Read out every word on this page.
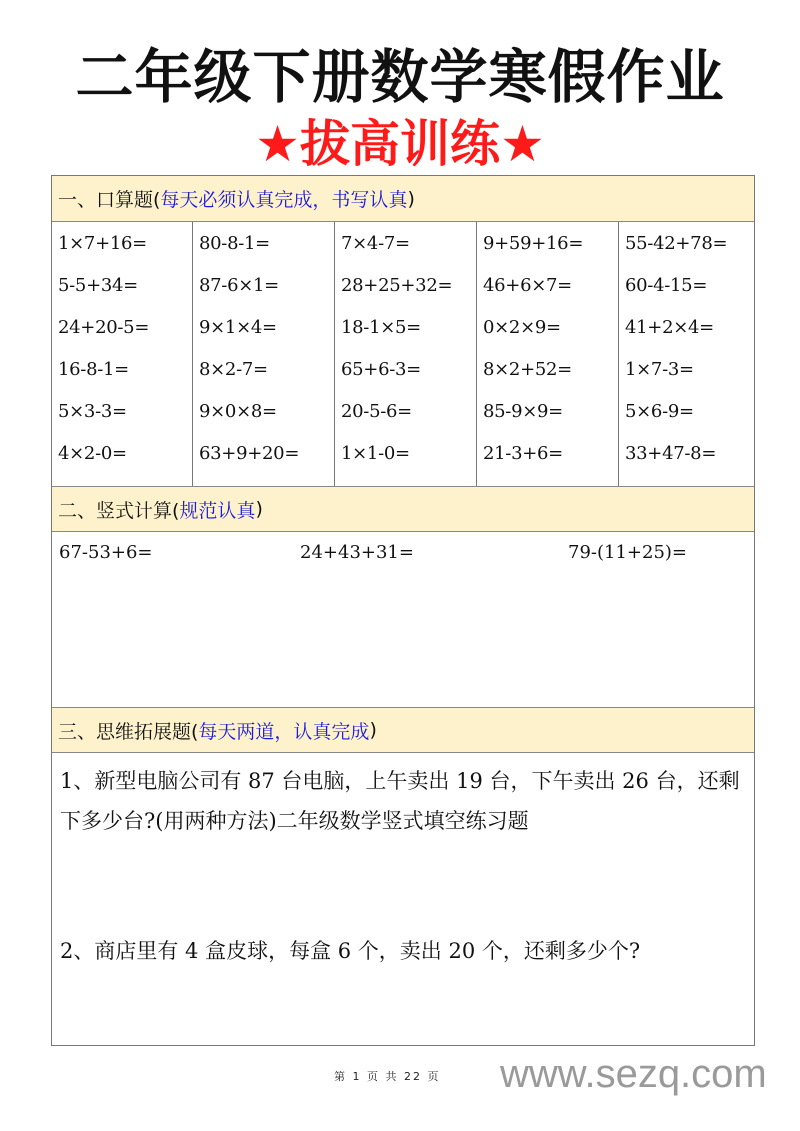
二年级下册数学寒假作业
★拔高训练★
一、口算题( 每天必须认真完成，书写认真 )
1×7+16=
5-5+34=
24+20-5=
16-8-1=
5×3-3=
4×2-0=
80-8-1=
87-6×1=
9×1×4=
8×2-7=
9×0×8=
63+9+20=
7×4-7=
28+25+32=
18-1×5=
65+6-3=
20-5-6=
1×1-0=
9+59+16=
46+6×7=
0×2×9=
8×2+52=
85-9×9=
21-3+6=
55-42+78=
60-4-15=
41+2×4=
1×7-3=
5×6-9=
33+47-8=
二、竖式计算( 规范认真 )
67-53+6=	24+43+31=	79-(11+25)=
三、思维拓展题( 每天两道，认真完成 )
1、新型电脑公司有 87 台电脑，上午卖出 19 台，下午卖出 26 台，还剩下多少台?(用两种方法)二年级数学竖式填空练习题
2、商店里有 4 盒皮球，每盒 6 个，卖出 20 个，还剩多少个?
第 1 页 共 22 页 www.sezq.com
